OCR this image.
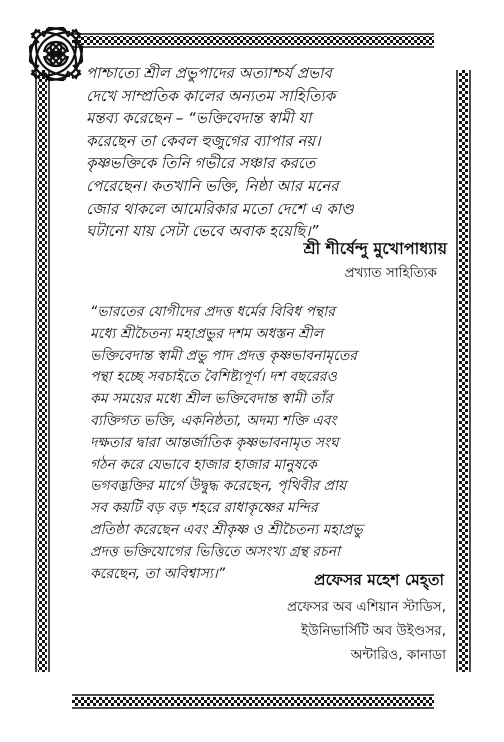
পাশ্চাত্যে শ্রীল প্রভুপাদের অত্যাশ্চর্য প্রভাব
দেখে সাম্প্রতিক কালের অন্যতম সাহিত্যিক
মন্তব্য করেছেন – “ভক্তিবেদান্ত স্বামী যা
করেছেন তা কেবল হুজুগের ব্যাপার নয়।
কৃষ্ণভক্তিকে তিনি গভীরে সঞ্চার করতে
পেরেছেন। কতখানি ভক্তি, নিষ্ঠা আর মনের
জোর থাকলে আমেরিকার মতো দেশে এ কাণ্ড
ঘটানো যায় সেটা ভেবে অবাক হয়েছি।”
শ্রী শীর্ষেন্দু মুখোপাধ্যায়
প্রখ্যাত সাহিত্যিক
“ভারতের যোগীদের প্রদত্ত ধর্মের বিবিধ পন্থার
মধ্যে শ্রীচৈতন্য মহাপ্রভুর দশম অধস্তন শ্রীল
ভক্তিবেদান্ত স্বামী প্রভু পাদ প্রদত্ত কৃষ্ণভাবনামৃতের
পন্থা হচ্ছে সবচাইতে বৈশিষ্ট্যপূর্ণ। দশ বছরেরও
কম সময়ের মধ্যে শ্রীল ভক্তিবেদান্ত স্বামী তাঁর
ব্যক্তিগত ভক্তি, একনিষ্ঠতা, অদম্য শক্তি এবং
দক্ষতার দ্বারা আন্তর্জাতিক কৃষ্ণভাবনামৃত সংঘ
গঠন করে যেভাবে হাজার হাজার মানুষকে
ভগবদ্ভক্তির মার্গে উদ্বুদ্ধ করেছেন, পৃথিবীর প্রায়
সব কয়টি বড় বড় শহরে রাধাকৃষ্ণের মন্দির
প্রতিষ্ঠা করেছেন এবং শ্রীকৃষ্ণ ও শ্রীচৈতন্য মহাপ্রভু
প্রদত্ত ভক্তিযোগের ভিত্তিতে অসংখ্য গ্রন্থ রচনা
করেছেন, তা অবিশ্বাস্য।”	প্রফেসর মহেশ মেহ্‌তা
প্রফেসর অব এশিয়ান স্টাডিস,
ইউনিভার্সিটি অব উইণ্ডসর,
অন্টারিও, কানাডা
